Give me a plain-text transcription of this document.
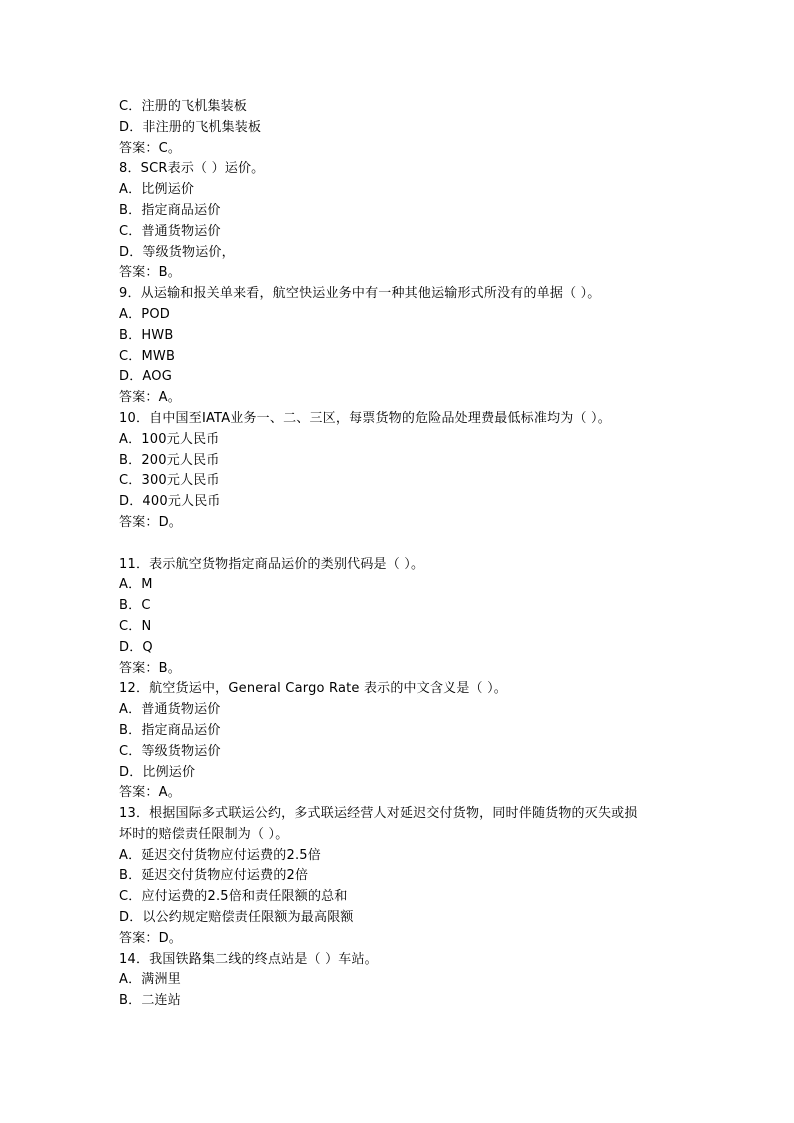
C．注册的飞机集装板
D．非注册的飞机集装板
答案：C。
8．SCR表示（ ）运价。
A．比例运价
B．指定商品运价
C．普通货物运价
D．等级货物运价，
答案：B。
9．从运输和报关单来看，航空快运业务中有一种其他运输形式所没有的单据（ ）。
A．POD
B．HWB
C．MWB
D．AOG
答案：A。
10．自中国至IATA业务一、二、三区，每票货物的危险品处理费最低标准均为（ ）。
A．100元人民币
B．200元人民币
C．300元人民币
D．400元人民币
答案：D。
11．表示航空货物指定商品运价的类别代码是（ ）。
A．M
B．C
C．N
D．Q
答案：B。
12．航空货运中，General Cargo Rate 表示的中文含义是（ ）。
A．普通货物运价
B．指定商品运价
C．等级货物运价
D．比例运价
答案：A。
13．根据国际多式联运公约，多式联运经营人对延迟交付货物，同时伴随货物的灭失或损
坏时的赔偿责任限制为（ ）。
A．延迟交付货物应付运费的2.5倍
B．延迟交付货物应付运费的2倍
C．应付运费的2.5倍和责任限额的总和
D．以公约规定赔偿责任限额为最高限额
答案：D。
14．我国铁路集二线的终点站是（ ）车站。
A．满洲里
B．二连站
